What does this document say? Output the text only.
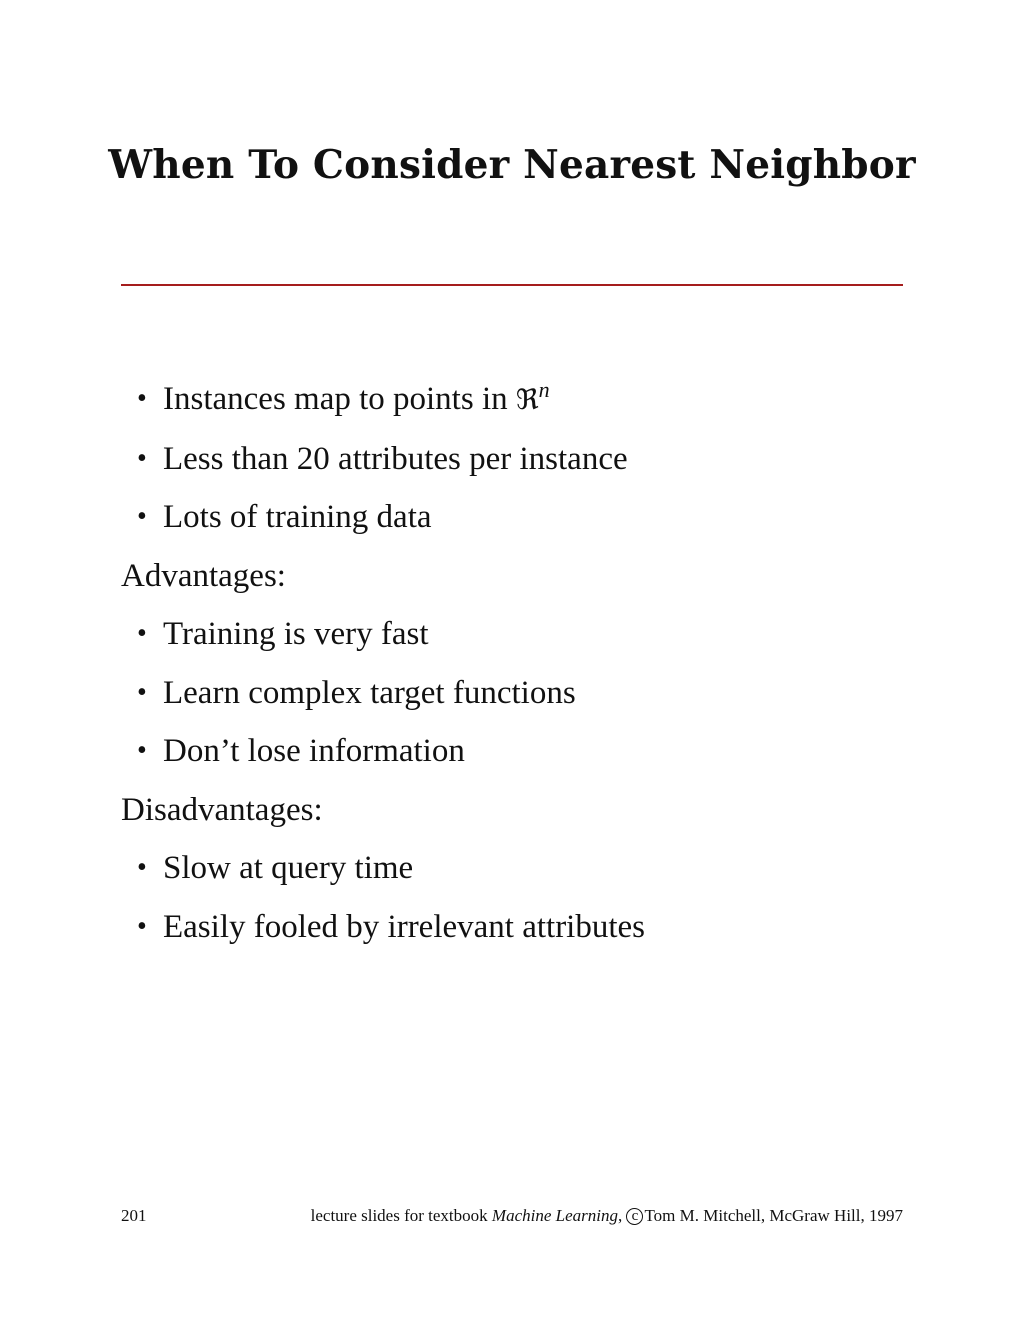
When To Consider Nearest Neighbor
• Instances map to points in ℜ$^n$
• Less than 20 attributes per instance
• Lots of training data
Advantages:
• Training is very fast
• Learn complex target functions
• Don’t lose information
Disadvantages:
• Slow at query time
• Easily fooled by irrelevant attributes
201	lecture slides for textbook Machine Learning, c Tom M. Mitchell, McGraw Hill, 1997
